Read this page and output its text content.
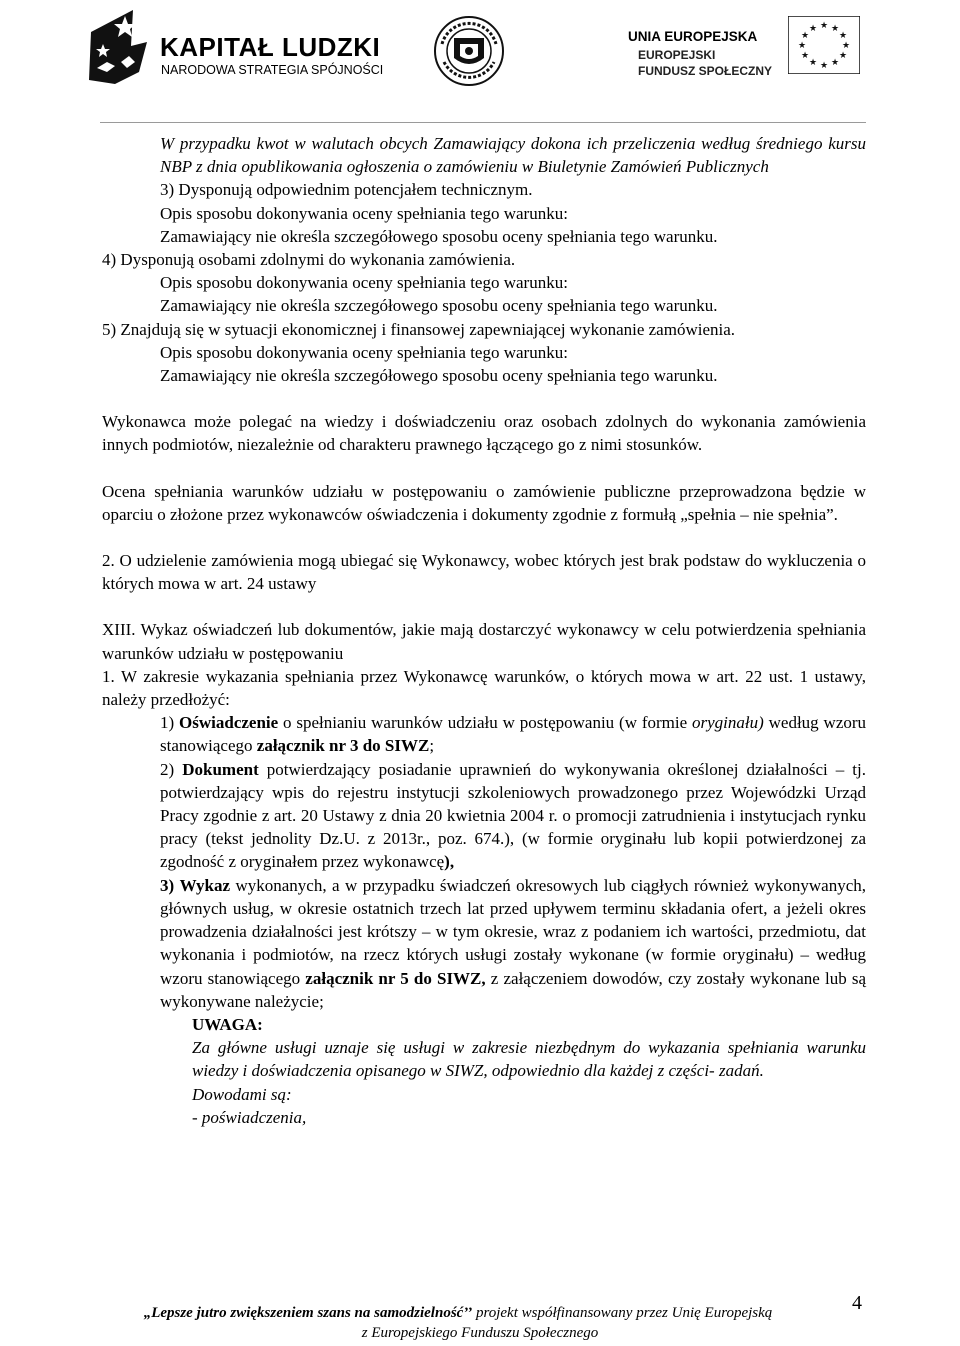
KAPITAŁ LUDZKI
NARODOWA STRATEGIA SPÓJNOŚCI
UNIA EUROPEJSKA
EUROPEJSKI
FUNDUSZ SPOŁECZNY
★ ★
★
★
★
★
★
★
★
★
★
★

W przypadku kwot w walutach obcych Zamawiający dokona ich przeliczenia według średniego kursu NBP z dnia opublikowania ogłoszenia o zamówieniu w Biuletynie Zamówień Publicznych

3) Dysponują odpowiednim potencjałem technicznym.

Opis sposobu dokonywania oceny spełniania tego warunku:

Zamawiający nie określa szczegółowego sposobu oceny spełniania tego warunku.

4) Dysponują osobami zdolnymi do wykonania zamówienia.

Opis sposobu dokonywania oceny spełniania tego warunku:

Zamawiający nie określa szczegółowego sposobu oceny spełniania tego warunku.

5) Znajdują się w sytuacji ekonomicznej i finansowej zapewniającej wykonanie zamówienia.

Opis sposobu dokonywania oceny spełniania tego warunku:

Zamawiający nie określa szczegółowego sposobu oceny spełniania tego warunku.

Wykonawca może polegać na wiedzy i doświadczeniu oraz osobach zdolnych do wykonania zamówienia innych podmiotów, niezależnie od charakteru prawnego łączącego go z nimi stosunków.

Ocena spełniania warunków udziału w postępowaniu o zamówienie publiczne przeprowadzona będzie w oparciu o złożone przez wykonawców oświadczenia i dokumenty zgodnie z formułą „spełnia – nie spełnia”.

2. O udzielenie zamówienia mogą ubiegać się Wykonawcy, wobec których jest brak podstaw do wykluczenia o których mowa w art. 24 ustawy

XIII. Wykaz oświadczeń lub dokumentów, jakie mają dostarczyć wykonawcy w celu potwierdzenia spełniania warunków udziału w postępowaniu

1. W zakresie wykazania spełniania przez Wykonawcę warunków, o których mowa w art. 22 ust. 1 ustawy, należy przedłożyć:

1) Oświadczenie o spełnianiu warunków udziału w postępowaniu (w formie oryginału) według wzoru stanowiącego załącznik nr 3 do SIWZ;

2) Dokument potwierdzający posiadanie uprawnień do wykonywania określonej działalności – tj. potwierdzający wpis do rejestru instytucji szkoleniowych prowadzonego przez Wojewódzki Urząd Pracy zgodnie z art. 20 Ustawy z dnia 20 kwietnia 2004 r. o promocji zatrudnienia i instytucjach rynku pracy (tekst jednolity Dz.U. z 2013r., poz. 674.), (w formie oryginału lub kopii potwierdzonej za zgodność z oryginałem przez wykonawcę),

3) Wykaz wykonanych, a w przypadku świadczeń okresowych lub ciągłych również wykonywanych, głównych usług, w okresie ostatnich trzech lat przed upływem terminu składania ofert, a jeżeli okres prowadzenia działalności jest krótszy – w tym okresie, wraz z podaniem ich wartości, przedmiotu, dat wykonania i podmiotów, na rzecz których usługi zostały wykonane (w formie oryginału) – według wzoru stanowiącego załącznik nr 5 do SIWZ, z załączeniem dowodów, czy zostały wykonane lub są wykonywane należycie;

UWAGA:

Za główne usługi uznaje się usługi w zakresie niezbędnym do wykazania spełniania warunku wiedzy i doświadczenia opisanego w SIWZ, odpowiednio dla każdej z części- zadań.

Dowodami są:

- poświadczenia,

4
„Lepsze jutro zwiększeniem szans na samodzielność’’ projekt współfinansowany przez Unię Europejską
z Europejskiego Funduszu Społecznego
